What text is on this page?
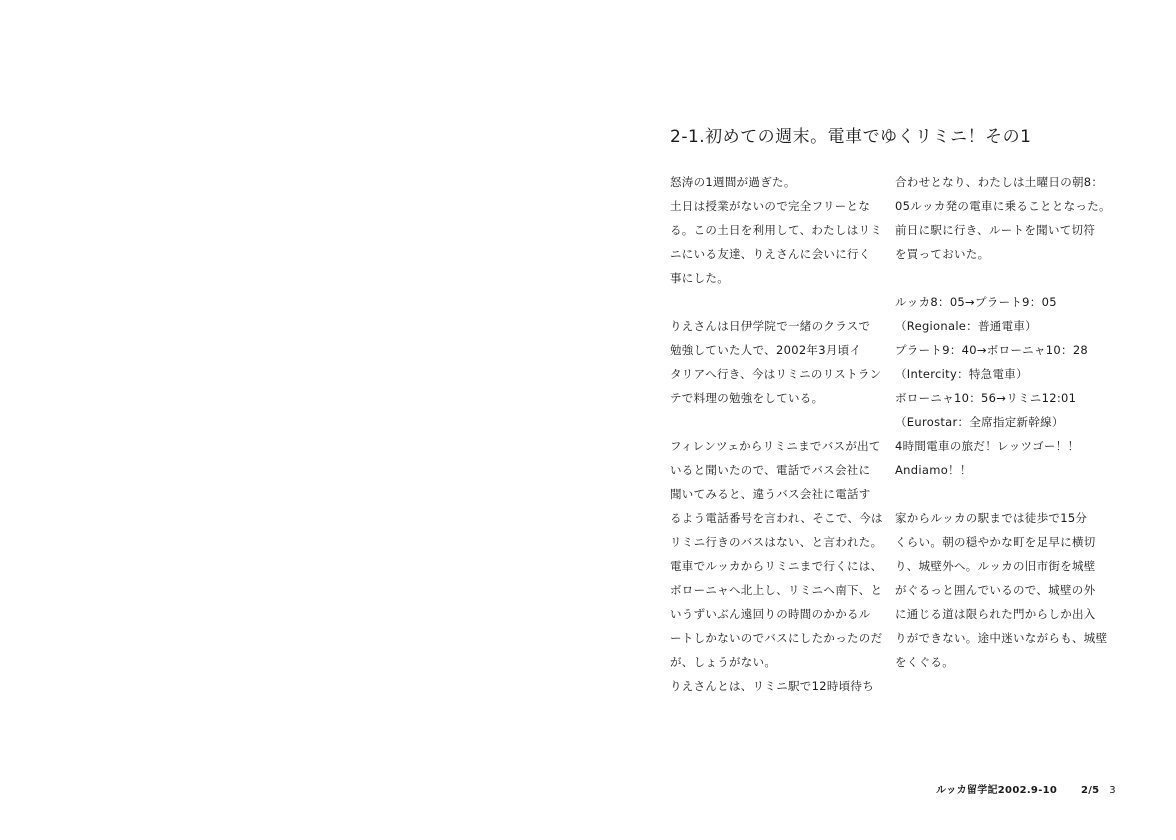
2-1.初めての週末。電車でゆくリミニ！その1
怒涛の1週間が過ぎた。
土日は授業がないので完全フリーとな
る。この土日を利用して、わたしはリミ
ニにいる友達、りえさんに会いに行く
事にした。
りえさんは日伊学院で一緒のクラスで
勉強していた人で、2002年3月頃イ
タリアへ行き、今はリミニのリストラン
テで料理の勉強をしている。
フィレンツェからリミニまでバスが出て
いると聞いたので、電話でバス会社に
聞いてみると、違うバス会社に電話す
るよう電話番号を言われ、そこで、今は
リミニ行きのバスはない、と言われた。
電車でルッカからリミニまで行くには、
ボローニャへ北上し、リミニへ南下、と
いうずいぶん遠回りの時間のかかるル
ートしかないのでバスにしたかったのだ
が、しょうがない。
りえさんとは、リミニ駅で12時頃待ち
合わせとなり、わたしは土曜日の朝8：
05ルッカ発の電車に乗ることとなった。
前日に駅に行き、ルートを聞いて切符
を買っておいた。
ルッカ8：05→プラート9：05
（Regionale：普通電車）
プラート9：40→ボローニャ10：28
（Intercity：特急電車）
ボローニャ10：56→リミニ12:01
（Eurostar：全席指定新幹線）
4時間電車の旅だ！レッツゴー！！
Andiamo！！
家からルッカの駅までは徒歩で15分
くらい。朝の穏やかな町を足早に横切
り、城壁外へ。ルッカの旧市街を城壁
がぐるっと囲んでいるので、城壁の外
に通じる道は限られた門からしか出入
りができない。途中迷いながらも、城壁
をくぐる。
ルッカ留学記2002.9-10 2/5 3
